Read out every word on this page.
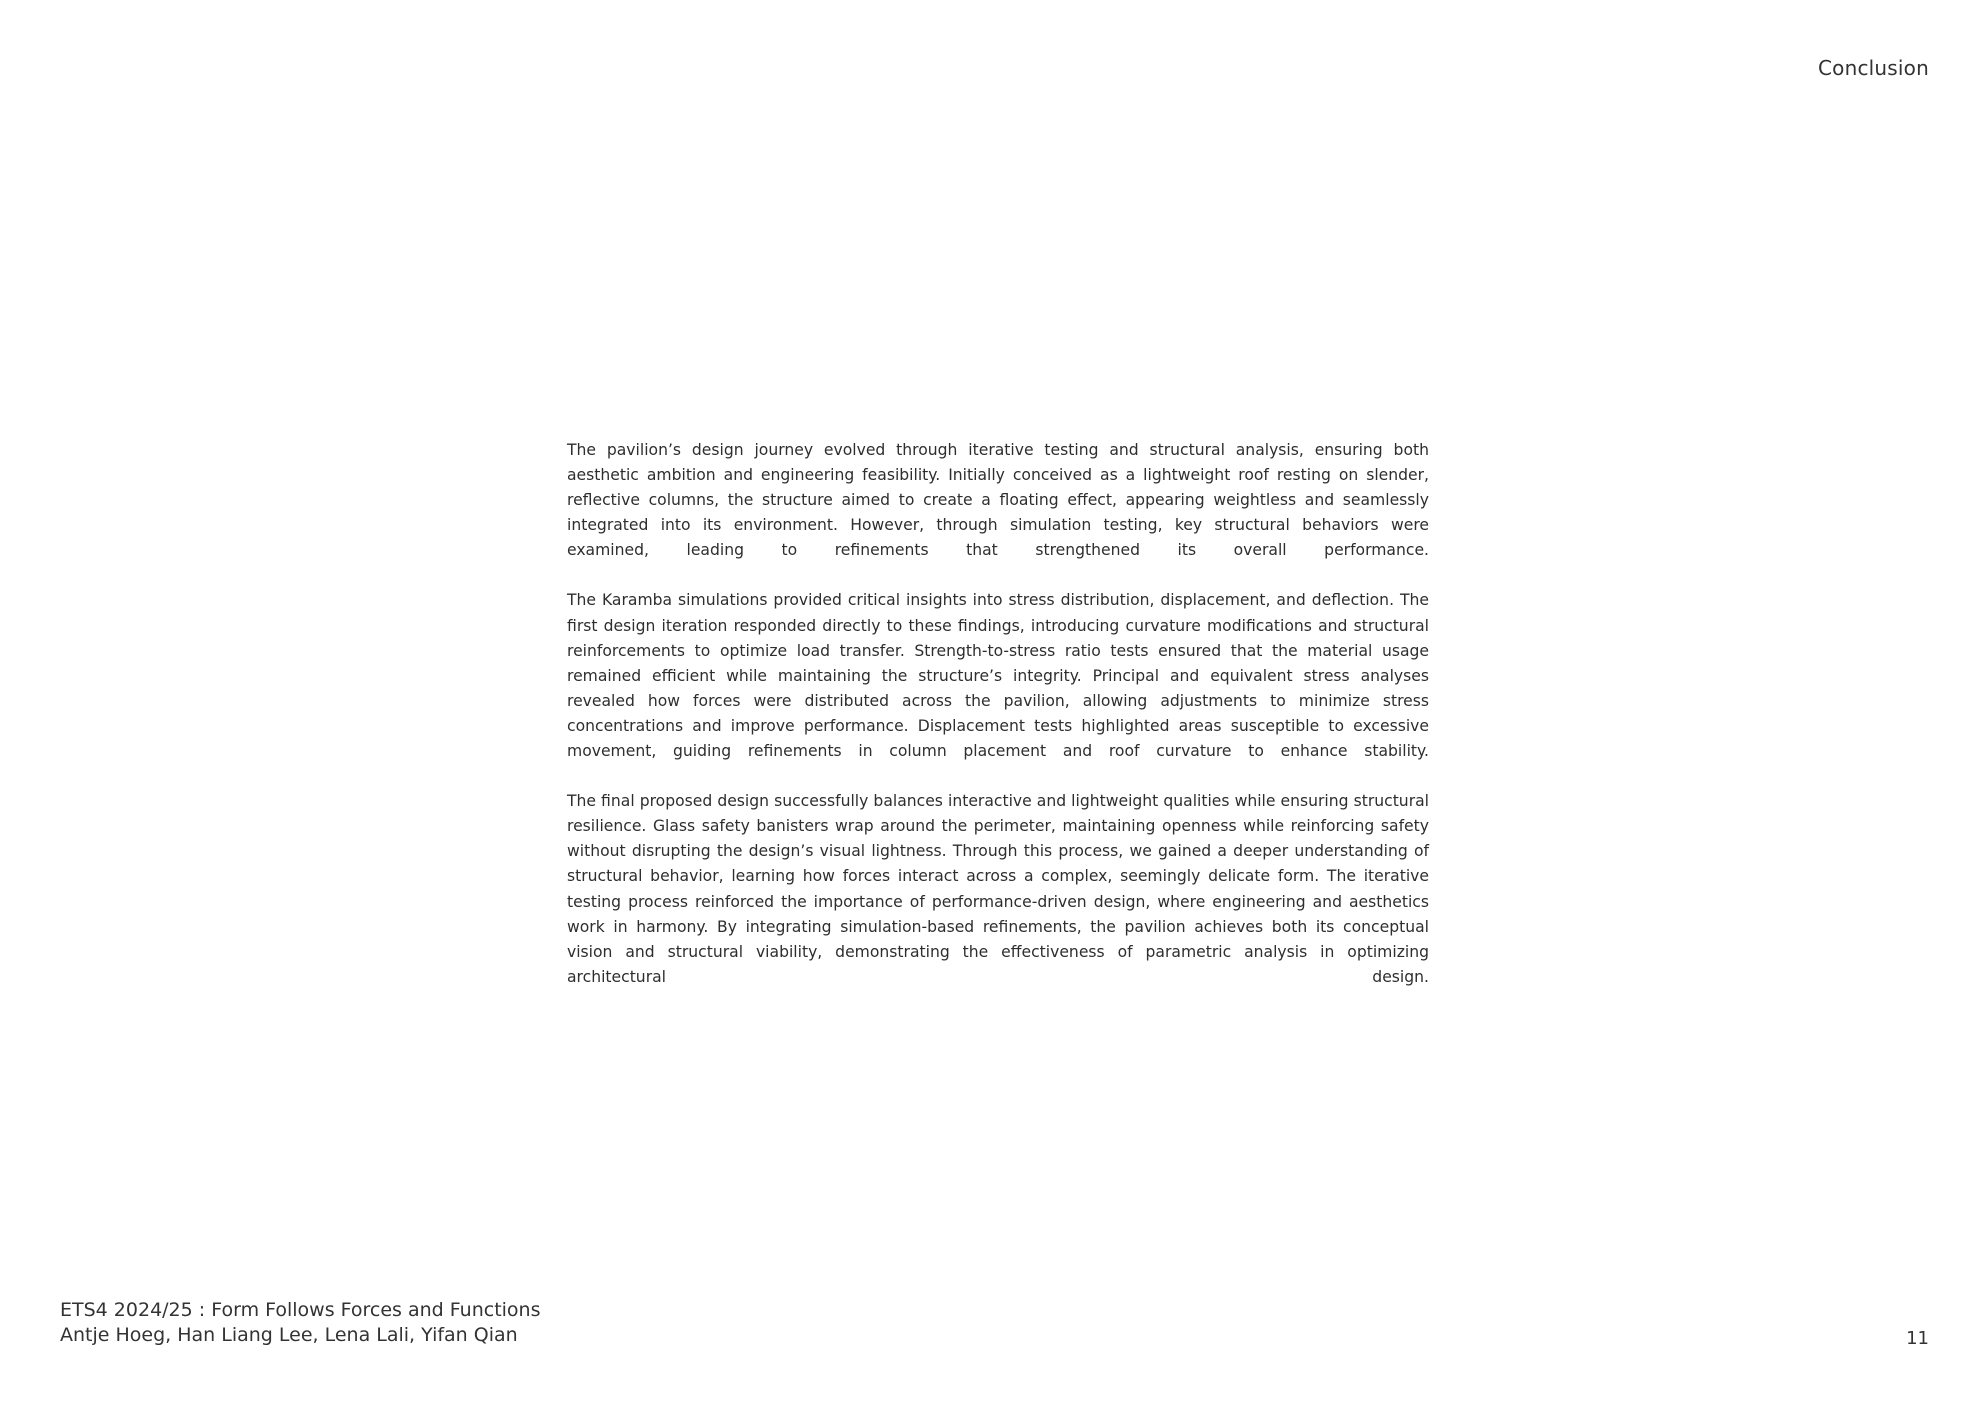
Conclusion

The pavilion’s design journey evolved through iterative testing and structural analysis, ensuring both aesthetic ambition and engineering feasibility. Initially conceived as a lightweight roof resting on slender, reflective columns, the structure aimed to create a floating effect, appearing weightless and seamlessly integrated into its environment. However, through simulation testing, key structural behaviors were examined, leading to refinements that strengthened its overall performance.

The Karamba simulations provided critical insights into stress distribution, displacement, and deflection. The first design iteration responded directly to these findings, introducing curvature modifications and structural reinforcements to optimize load transfer. Strength-to-stress ratio tests ensured that the material usage remained efficient while maintaining the structure’s integrity. Principal and equivalent stress analyses revealed how forces were distributed across the pavilion, allowing adjustments to minimize stress concentrations and improve performance. Displacement tests highlighted areas susceptible to excessive movement, guiding refinements in column placement and roof curvature to enhance stability.

The final proposed design successfully balances interactive and lightweight qualities while ensuring structural resilience. Glass safety banisters wrap around the perimeter, maintaining openness while reinforcing safety without disrupting the design’s visual lightness. Through this process, we gained a deeper understanding of structural behavior, learning how forces interact across a complex, seemingly delicate form. The iterative testing process reinforced the importance of performance-driven design, where engineering and aesthetics work in harmony. By integrating simulation-based refinements, the pavilion achieves both its conceptual vision and structural viability, demonstrating the effectiveness of parametric analysis in optimizing architectural design.

ETS4 2024/25 : Form Follows Forces and Functions
Antje Hoeg, Han Liang Lee, Lena Lali, Yifan Qian	11
